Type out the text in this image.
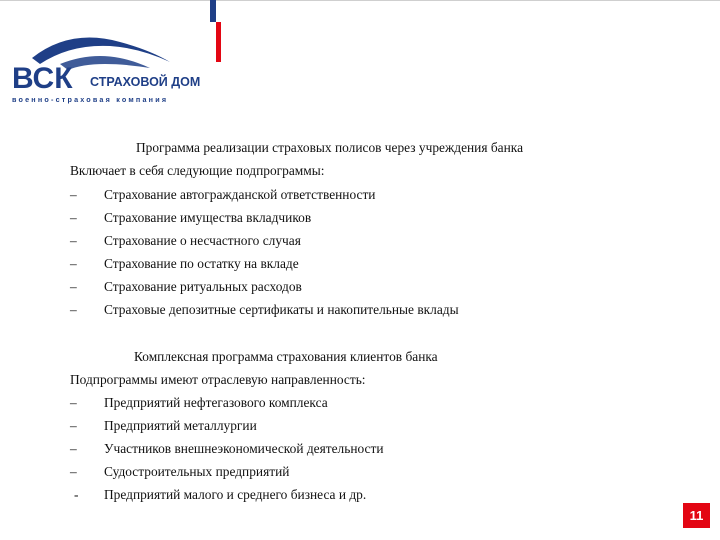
ВСК СТРАХОВОЙ ДОМ
военно-страховая компания
Программа реализации страховых полисов через учреждения банка
Включает в себя следующие подпрограммы:
–	Страхование автогражданской ответственности
–	Страхование имущества вкладчиков
–	Страхование о несчастного случая
–	Страхование по остатку на вкладе
–	Страхование ритуальных расходов
–	Страховые депозитные сертификаты и накопительные вклады
Комплексная программа страхования клиентов банка
Подпрограммы имеют отраслевую направленность:
–	Предприятий нефтегазового комплекса
–	Предприятий металлургии
–	Участников внешнеэкономической деятельности
–	Судостроительных предприятий
-	Предприятий малого и среднего бизнеса и др.
11
